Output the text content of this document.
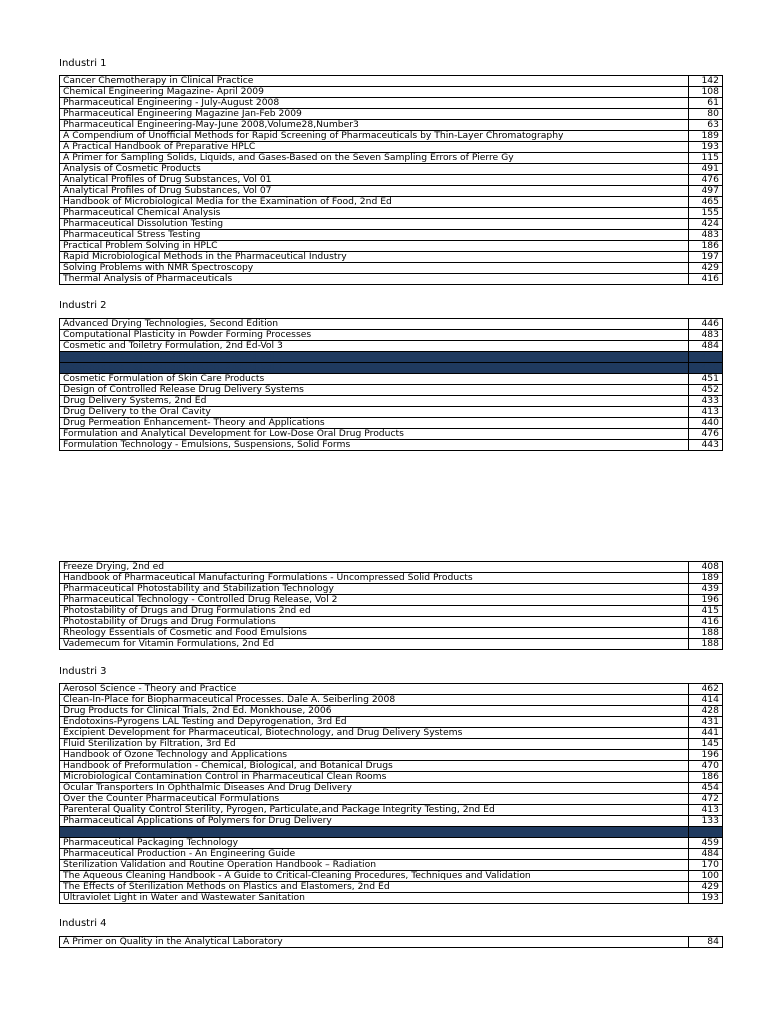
Industri 1
Cancer Chemotherapy in Clinical Practice	142
Chemical Engineering Magazine- April 2009	108
Pharmaceutical Engineering - July-August 2008	61
Pharmaceutical Engineering Magazine Jan-Feb 2009	80
Pharmaceutical Engineering-May-June 2008,Volume28,Number3	63
A Compendium of Unofficial Methods for Rapid Screening of Pharmaceuticals by Thin-Layer Chromatography	189
A Practical Handbook of Preparative HPLC	193
A Primer for Sampling Solids, Liquids, and Gases-Based on the Seven Sampling Errors of Pierre Gy	115
Analysis of Cosmetic Products	491
Analytical Profiles of Drug Substances, Vol 01	476
Analytical Profiles of Drug Substances, Vol 07	497
Handbook of Microbiological Media for the Examination of Food, 2nd Ed	465
Pharmaceutical Chemical Analysis	155
Pharmaceutical Dissolution Testing	424
Pharmaceutical Stress Testing	483
Practical Problem Solving in HPLC	186
Rapid Microbiological Methods in the Pharmaceutical Industry	197
Solving Problems with NMR Spectroscopy	429
Thermal Analysis of Pharmaceuticals	416
Industri 2
Advanced Drying Technologies, Second Edition	446
Computational Plasticity in Powder Forming Processes	483
Cosmetic and Toiletry Formulation, 2nd Ed-Vol 3	484
Cosmetic and Toiletry Formulation, 2nd Ed-Vol 6	418
Cosmetic and Toiletry Formulation, 2nd Ed-Vol 7	418
Cosmetic Formulation of Skin Care Products	451
Design of Controlled Release Drug Delivery Systems	452
Drug Delivery Systems, 2nd Ed	433
Drug Delivery to the Oral Cavity	413
Drug Permeation Enhancement- Theory and Applications	440
Formulation and Analytical Development for Low-Dose Oral Drug Products	476
Formulation Technology - Emulsions, Suspensions, Solid Forms	443
Freeze Drying, 2nd ed	408
Handbook of Pharmaceutical Manufacturing Formulations - Uncompressed Solid Products	189
Pharmaceutical Photostability and Stabilization Technology	439
Pharmaceutical Technology - Controlled Drug Release, Vol 2	196
Photostability of Drugs and Drug Formulations 2nd ed	415
Photostability of Drugs and Drug Formulations	416
Rheology Essentials of Cosmetic and Food Emulsions	188
Vademecum for Vitamin Formulations, 2nd Ed	188
Industri 3
Aerosol Science - Theory and Practice	462
Clean-In-Place for Biopharmaceutical Processes. Dale A. Seiberling 2008	414
Drug Products for Clinical Trials, 2nd Ed. Monkhouse, 2006	428
Endotoxins-Pyrogens LAL Testing and Depyrogenation, 3rd Ed	431
Excipient Development for Pharmaceutical, Biotechnology, and Drug Delivery Systems	441
Fluid Sterilization by Filtration, 3rd Ed	145
Handbook of Ozone Technology and Applications	196
Handbook of Preformulation - Chemical, Biological, and Botanical Drugs	470
Microbiological Contamination Control in Pharmaceutical Clean Rooms	186
Ocular Transporters In Ophthalmic Diseases And Drug Delivery	454
Over the Counter Pharmaceutical Formulations	472
Parenteral Quality Control Sterility, Pyrogen, Particulate,and Package Integrity Testing, 2nd Ed	413
Pharmaceutical Applications of Polymers for Drug Delivery	133
Pharmaceutical Extrusion Technology	400
Pharmaceutical Packaging Technology	459
Pharmaceutical Production - An Engineering Guide	484
Sterilization Validation and Routine Operation Handbook – Radiation	170
The Aqueous Cleaning Handbook - A Guide to Critical-Cleaning Procedures, Techniques and Validation	100
The Effects of Sterilization Methods on Plastics and Elastomers, 2nd Ed	429
Ultraviolet Light in Water and Wastewater Sanitation	193
Industri 4
A Primer on Quality in the Analytical Laboratory	84
